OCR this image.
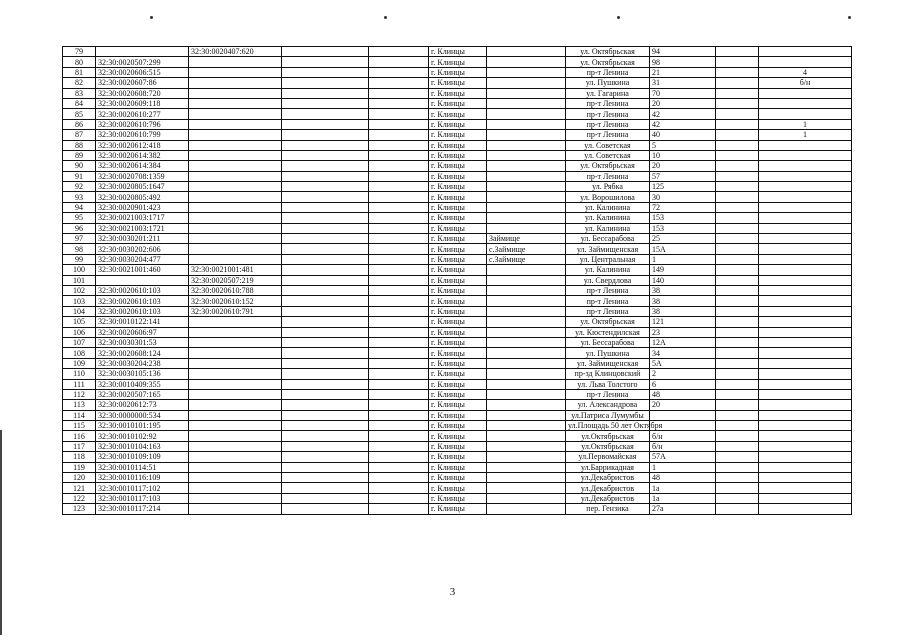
79		32:30:0020407:620			г. Клинцы		ул. Октябрьская	94		
80	32:30:0020507:299				г. Клинцы		ул. Октябрьская	98		
81	32:30:0020606:515				г. Клинцы		пр-т Ленина	21		4
82	32:30:0020607:86				г. Клинцы		ул. Пушкина	31		б/н
83	32:30:0020608:720				г. Клинцы		ул. Гагарина	70		
84	32:30:0020609:118				г. Клинцы		пр-т Ленина	20		
85	32:30:0020610:277				г. Клинцы		пр-т Ленина	42		
86	32:30:0020610:796				г. Клинцы		пр-т Ленина	42		1
87	32:30:0020610:799				г. Клинцы		пр-т Ленина	40		1
88	32:30:0020612:418				г. Клинцы		ул. Советская	5		
89	32:30:0020614:382				г. Клинцы		ул. Советская	10		
90	32:30:0020614:384				г. Клинцы		ул. Октябрьская	20		
91	32:30:0020708:1359				г. Клинцы		пр-т Ленина	57		
92	32:30:0020805:1647				г. Клинцы		ул. Рябка	125		
93	32:30:0020805:492				г. Клинцы		ул. Ворошилова	30		
94	32:30:0020901:423				г. Клинцы		ул. Калинина	72		
95	32:30:0021003:1717				г. Клинцы		ул. Калинина	153		
96	32:30:0021003:1721				г. Клинцы		ул. Калинина	153		
97	32:30:0030201:211				г. Клинцы	Займище	ул. Бессарабова	25		
98	32:30:0030202:606				г. Клинцы	с.Займище	ул. Займищенская	15А		
99	32:30:0030204:477				г. Клинцы	с.Займище	ул. Центральная	1		
100	32:30:0021001:460	32:30:0021001:481			г. Клинцы		ул. Калинина	149		
101		32:30:0020507:219			г. Клинцы		ул. Свердлова	140		
102	32:30:0020610:103	32:30:0020610:788			г. Клинцы		пр-т Ленина	38		
103	32:30:0020610:103	32:30:0020610:152			г. Клинцы		пр-т Ленина	38		
104	32:30:0020610:103	32:30:0020610:791			г. Клинцы		пр-т Ленина	38		
105	32:30:0010122:141				г. Клинцы		ул. Октябрьская	121		
106	32:30:0020606:97				г. Клинцы		ул. Кюстендилская	23		
107	32:30:0030301:53				г. Клинцы		ул. Бессарабова	12А		
108	32:30:0020608:124				г. Клинцы		ул. Пушкина	34		
109	32:30:0030204:238				г. Клинцы		ул. Займищенская	5А		
110	32:30:0030105:136				г. Клинцы		пр-зд Клинцовский	2		
111	32:30:0010409:355				г. Клинцы		ул. Льва Толстого	6		
112	32:30:0020507:165				г. Клинцы		пр-т Ленина	48		
113	32:30:0020612:73				г. Клинцы		ул. Александрова	20		
114	32:30:0000000:534				г. Клинцы		ул.Патриса Лумумбы			
115	32:30:0010101:195				г. Клинцы		ул.Площадь 50 лет Октября			
116	32:30:0010102:92				г. Клинцы		ул.Октябрьская	б/н		
117	32:30:0010104:163				г. Клинцы		ул.Октябрьская	б/н		
118	32:30:0010109:109				г. Клинцы		ул.Первомайская	57А		
119	32:30:0010114:51				г. Клинцы		ул.Баррикадная	1		
120	32:30:0010116:109				г. Клинцы		ул.Декабристов	48		
121	32:30:0010117:102				г. Клинцы		ул.Декабристов	1а		
122	32:30:0010117:103				г. Клинцы		ул.Декабристов	1а		
123	32:30:0010117:214				г. Клинцы		пер. Гензика	27а		
3
